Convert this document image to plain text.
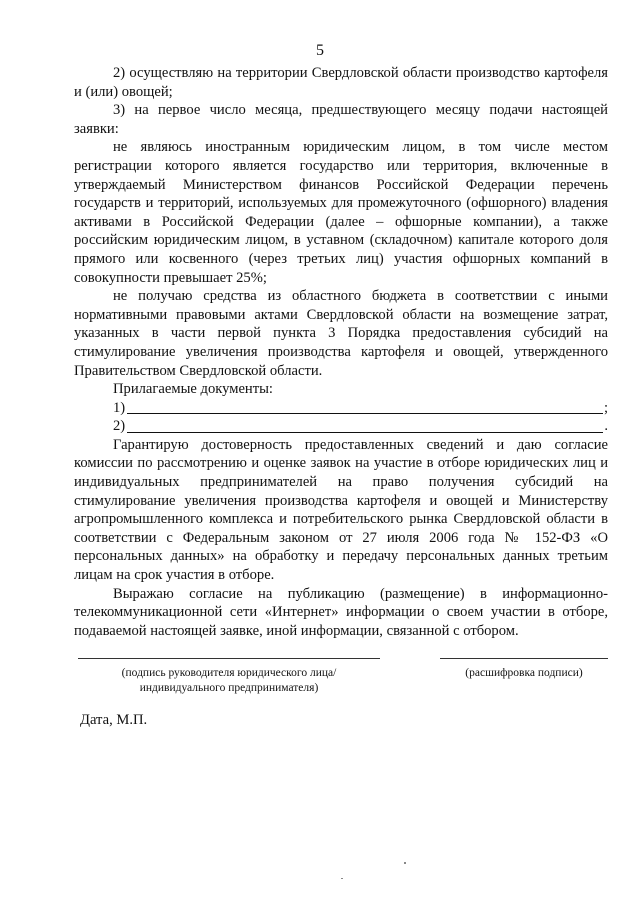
5

2) осуществляю на территории Свердловской области производство картофеля и (или) овощей;

3) на первое число месяца, предшествующего месяцу подачи настоящей заявки:

не являюсь иностранным юридическим лицом, в том числе местом регистрации которого является государство или территория, включенные в утверждаемый Министерством финансов Российской Федерации перечень государств и территорий, используемых для промежуточного (офшорного) владения активами в Российской Федерации (далее – офшорные компании), а также российским юридическим лицом, в уставном (складочном) капитале которого доля прямого или косвенного (через третьих лиц) участия офшорных компаний в совокупности превышает 25%;

не получаю средства из областного бюджета в соответствии с иными нормативными правовыми актами Свердловской области на возмещение затрат, указанных в части первой пункта 3 Порядка предоставления субсидий на стимулирование увеличения производства картофеля и овощей, утвержденного Правительством Свердловской области.

Прилагаемые документы:

1)	;
2)	.

Гарантирую достоверность предоставленных сведений и даю согласие комиссии по рассмотрению и оценке заявок на участие в отборе юридических лиц и индивидуальных предпринимателей на право получения субсидий на стимулирование увеличения производства картофеля и овощей и Министерству агропромышленного комплекса и потребительского рынка Свердловской области в соответствии с Федеральным законом от 27 июля 2006 года № 152-ФЗ «О персональных данных» на обработку и передачу персональных данных третьим лицам на срок участия в отборе.

Выражаю согласие на публикацию (размещение) в информационно-телекоммуникационной сети «Интернет» информации о своем участии в отборе, подаваемой настоящей заявке, иной информации, связанной с отбором.

(подпись руководителя юридического лица/
индивидуального предпринимателя)
(расшифровка подписи)
Дата, М.П.
